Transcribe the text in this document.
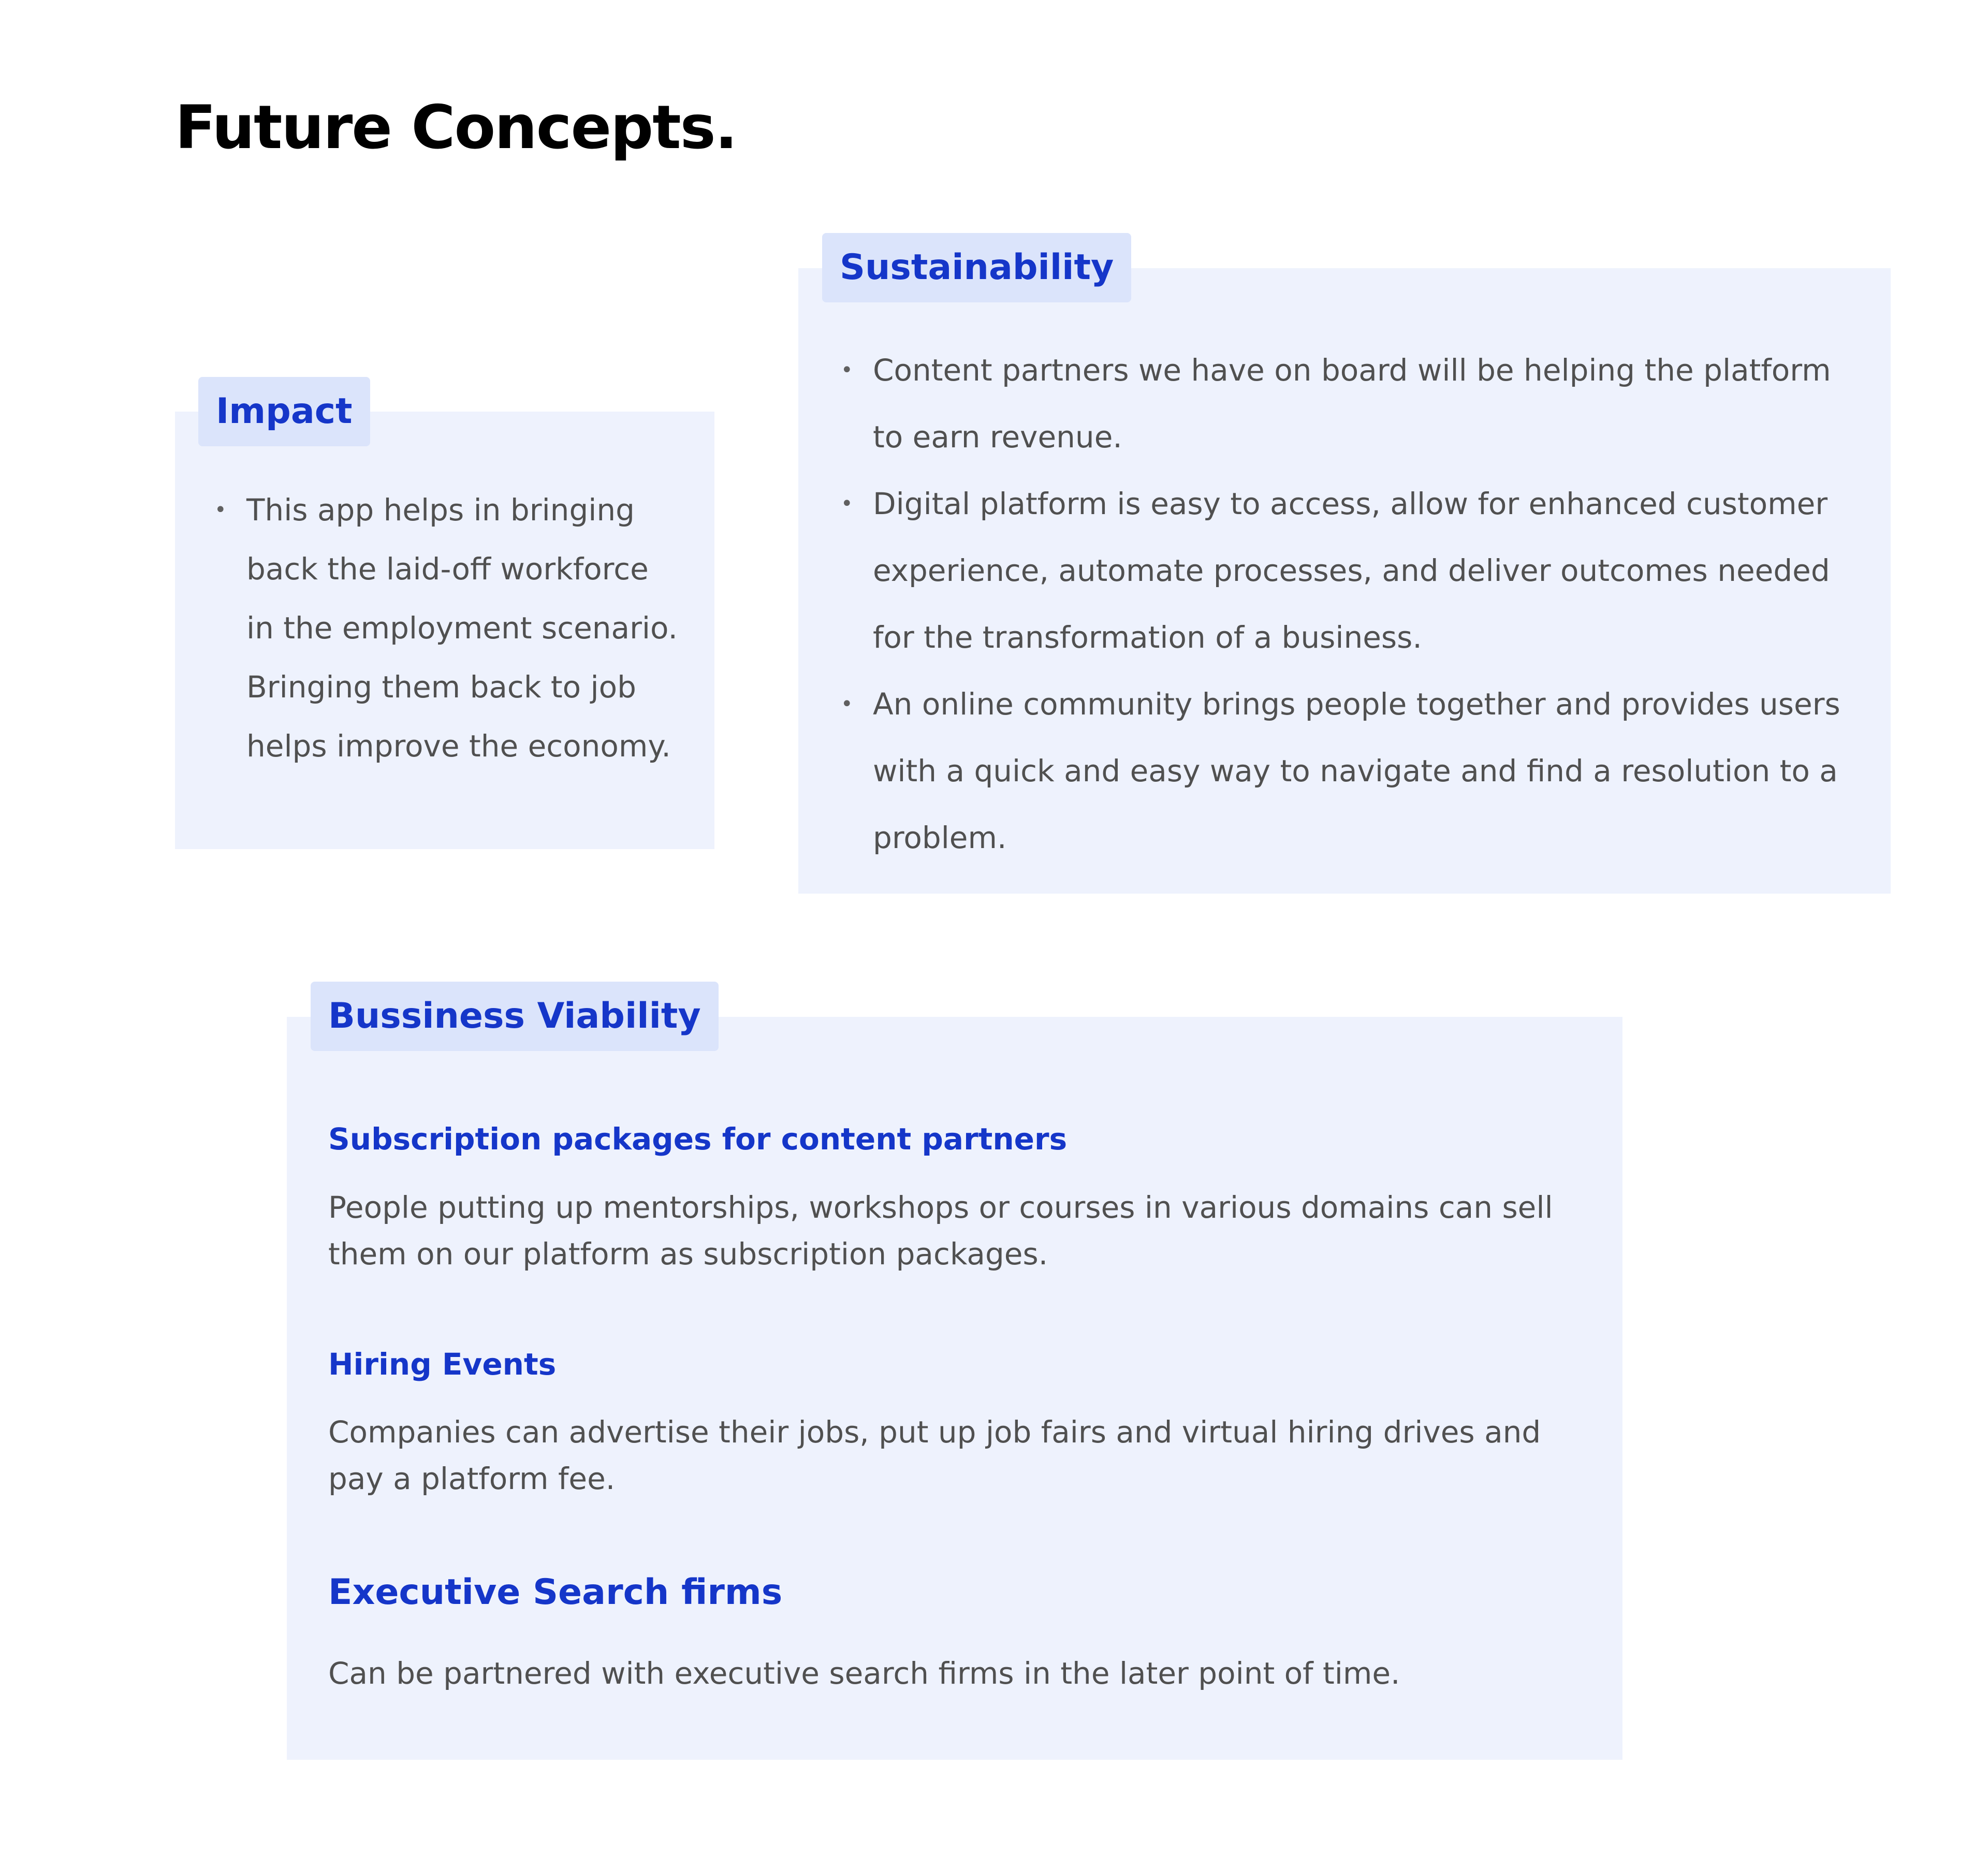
Future Concepts.
Impact
• This app helps in bringing
back the laid-off workforce
in the employment scenario.
Bringing them back to job
helps improve the economy.
Sustainability
• Content partners we have on board will be helping the platform
to earn revenue.
• Digital platform is easy to access, allow for enhanced customer
experience, automate processes, and deliver outcomes needed
for the transformation of a business.
• An online community brings people together and provides users
with a quick and easy way to navigate and find a resolution to a
problem.
Bussiness Viability
Subscription packages for content partners

People putting up mentorships, workshops or courses in various domains can sell
them on our platform as subscription packages.

Hiring Events

Companies can advertise their jobs, put up job fairs and virtual hiring drives and
pay a platform fee.

Executive Search firms

Can be partnered with executive search firms in the later point of time.
